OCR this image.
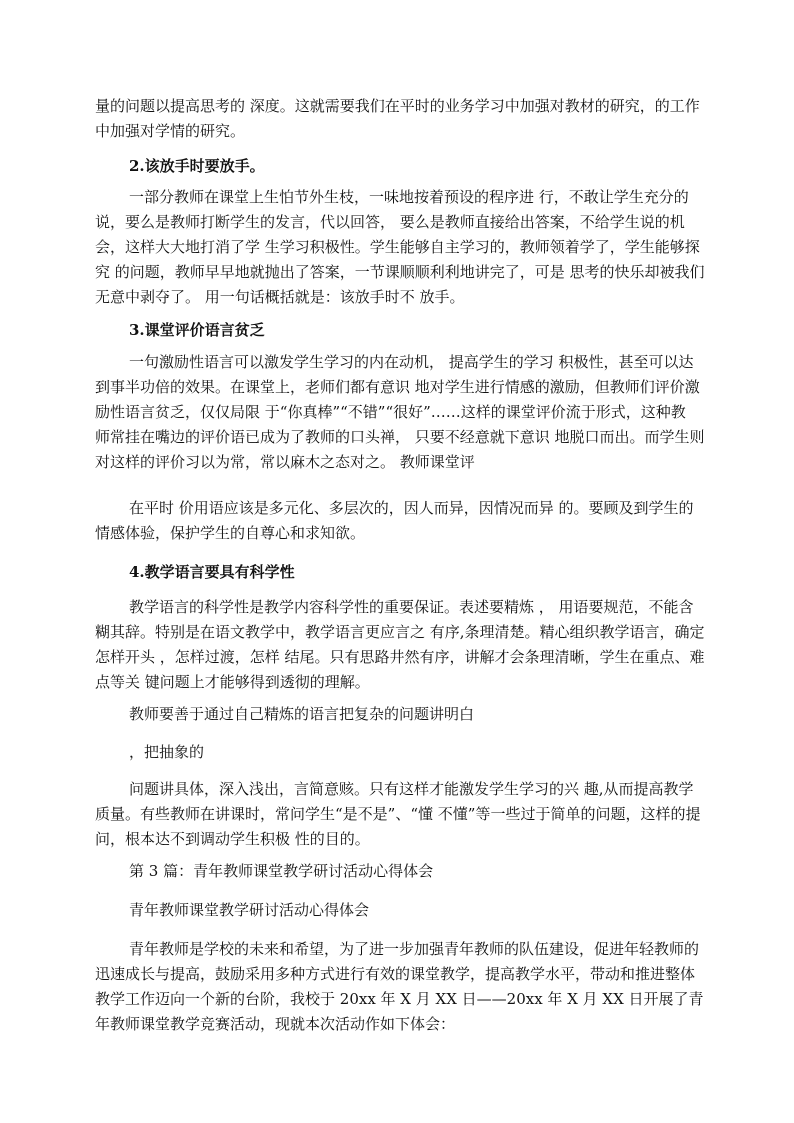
量的问题以提高思考的 深度。这就需要我们在平时的业务学习中加强对教材的研究，的工作中加强对学情的研究。

2.该放手时要放手。

一部分教师在课堂上生怕节外生枝，一味地按着预设的程序进 行，不敢让学生充分的说，要么是教师打断学生的发言，代以回答， 要么是教师直接给出答案，不给学生说的机会，这样大大地打消了学 生学习积极性。学生能够自主学习的，教师领着学了，学生能够探究 的问题，教师早早地就抛出了答案，一节课顺顺利利地讲完了，可是 思考的快乐却被我们无意中剥夺了。 用一句话概括就是：该放手时不 放手。

3.课堂评价语言贫乏

一句激励性语言可以激发学生学习的内在动机， 提高学生的学习 积极性，甚至可以达到事半功倍的效果。在课堂上，老师们都有意识 地对学生进行情感的激励，但教师们评价激励性语言贫乏，仅仅局限 于“你真棒”“不错”“很好”……这样的课堂评价流于形式，这种教 师常挂在嘴边的评价语已成为了教师的口头禅， 只要不经意就下意识 地脱口而出。而学生则对这样的评价习以为常，常以麻木之态对之。 教师课堂评

在平时 价用语应该是多元化、多层次的，因人而异，因情况而异 的。要顾及到学生的情感体验，保护学生的自尊心和求知欲。

4.教学语言要具有科学性

教学语言的科学性是教学内容科学性的重要保证。表述要精炼 ， 用语要规范，不能含糊其辞。特别是在语文教学中，教学语言更应言之 有序,条理清楚。精心组织教学语言，确定怎样开头 ，怎样过渡，怎样 结尾。只有思路井然有序，讲解才会条理清晰，学生在重点、难点等关 键问题上才能够得到透彻的理解。

教师要善于通过自己精炼的语言把复杂的问题讲明白

，把抽象的

问题讲具体，深入浅出，言简意赅。只有这样才能激发学生学习的兴 趣,从而提高教学质量。有些教师在讲课时，常问学生“是不是”、“懂 不懂”等一些过于简单的问题，这样的提问，根本达不到调动学生积极 性的目的。

第 3 篇：青年教师课堂教学研讨活动心得体会

青年教师课堂教学研讨活动心得体会

青年教师是学校的未来和希望，为了进一步加强青年教师的队伍建设，促进年轻教师的迅速成长与提高，鼓励采用多种方式进行有效的课堂教学，提高教学水平，带动和推进整体教学工作迈向一个新的台阶，我校于 20xx 年 X 月 XX 日——20xx 年 X 月 XX 日开展了青年教师课堂教学竞赛活动，现就本次活动作如下体会：
